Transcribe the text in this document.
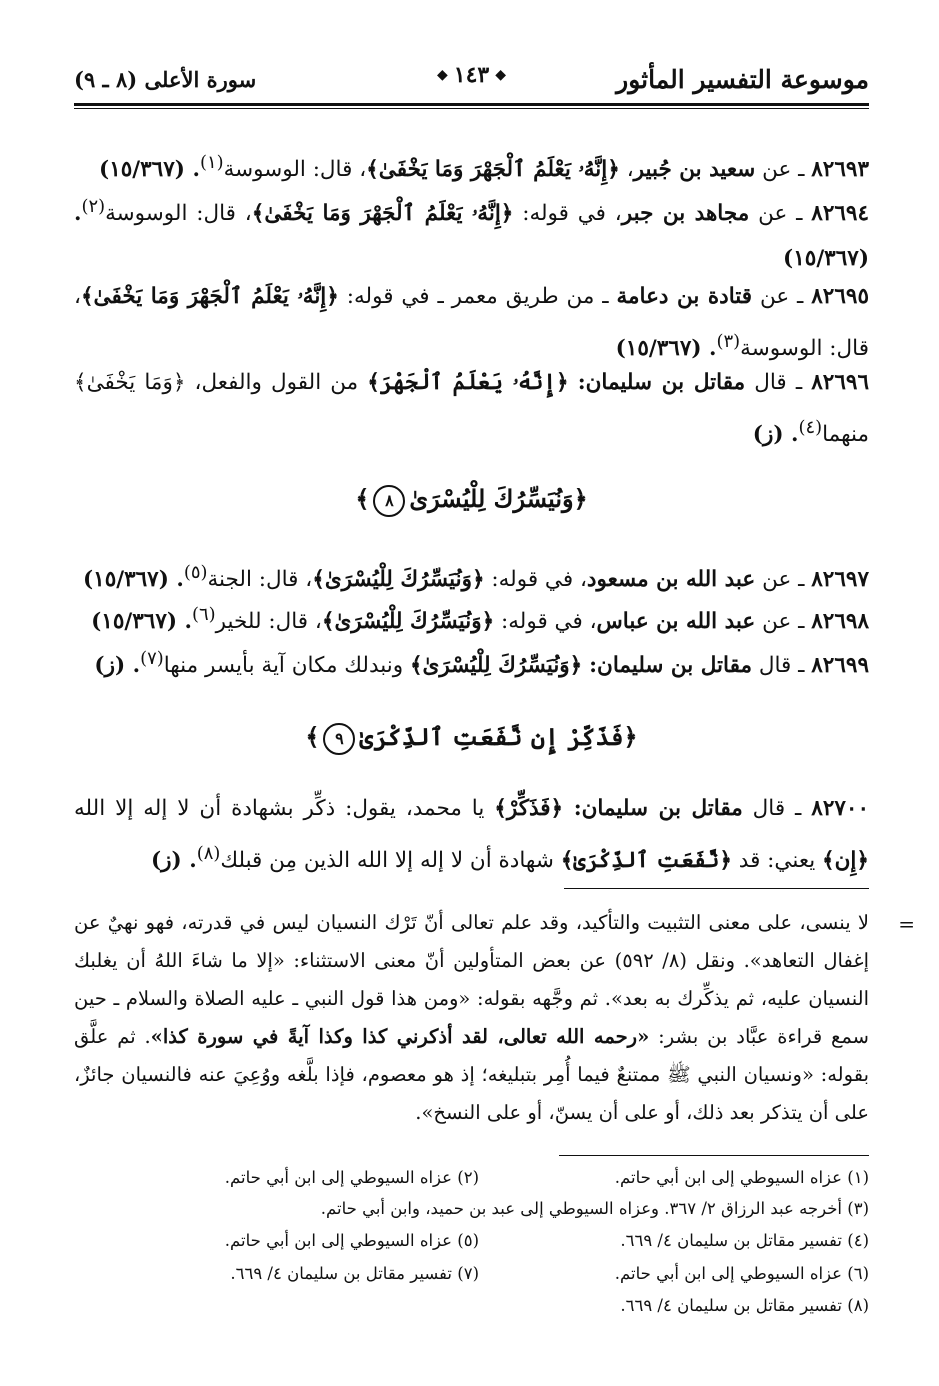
موسوعة التفسير المأثور
◆
١٤٣
◆
سورة الأعلى (٨ ـ ٩)
٨٢٦٩٣ ـ عن سعيد بن جُبير، ﴿إِنَّهُۥ يَعْلَمُ ٱلْجَهْرَ وَمَا يَخْفَىٰ﴾، قال: الوسوسة$^{(١)}$. (١٥/٣٦٧)
٨٢٦٩٤ ـ عن مجاهد بن جبر، في قوله: ﴿إِنَّهُۥ يَعْلَمُ ٱلْجَهْرَ وَمَا يَخْفَىٰ﴾، قال: الوسوسة$^{(٢)}$. (١٥/٣٦٧)
٨٢٦٩٥ ـ عن قتادة بن دعامة ـ من طريق معمر ـ في قوله: ﴿إِنَّهُۥ يَعْلَمُ ٱلْجَهْرَ وَمَا يَخْفَىٰ﴾، قال: الوسوسة$^{(٣)}$. (١٥/٣٦٧)
٨٢٦٩٦ ـ قال مقاتل بن سليمان: ﴿إِنَّهُۥ يَعْلَمُ ٱلْجَهْرَ﴾ من القول والفعل، ﴿وَمَا يَخْفَىٰ﴾ منهما$^{(٤)}$. (ز)
﴿وَنُيَسِّرُكَ لِلْيُسْرَىٰ٨﴾
٨٢٦٩٧ ـ عن عبد الله بن مسعود، في قوله: ﴿وَنُيَسِّرُكَ لِلْيُسْرَىٰ﴾، قال: الجنة$^{(٥)}$. (١٥/٣٦٧)
٨٢٦٩٨ ـ عن عبد الله بن عباس، في قوله: ﴿وَنُيَسِّرُكَ لِلْيُسْرَىٰ﴾، قال: للخير$^{(٦)}$. (١٥/٣٦٧)
٨٢٦٩٩ ـ قال مقاتل بن سليمان: ﴿وَنُيَسِّرُكَ لِلْيُسْرَىٰ﴾ ونبدلك مكان آية بأيسر منها$^{(٧)}$. (ز)
﴿فَذَكِّرْ إِن نَّفَعَتِ ٱلذِّكْرَىٰ٩﴾
٨٢٧٠٠ ـ قال مقاتل بن سليمان: ﴿فَذَكِّرْ﴾ يا محمد، يقول: ذكِّر بشهادة أن لا إله إلا الله ﴿إِن﴾ يعني: قد ﴿نَّفَعَتِ ٱلذِّكْرَىٰ﴾ شهادة أن لا إله إلا الله الذين مِن قبلك$^{(٨)}$. (ز)
=
لا ينسى، على معنى التثبيت والتأكيد، وقد علم تعالى أنّ تَرْك النسيان ليس في قدرته، فهو نهيٌ عن إغفال التعاهد». ونقل (٨/ ٥٩٢) عن بعض المتأولين أنّ معنى الاستثناء: «إلا ما شاءَ اللهُ أن يغلبك النسيان عليه، ثم يذكِّرك به بعد». ثم وجَّهه بقوله: «ومن هذا قول النبي ـ عليه الصلاة والسلام ـ حين سمع قراءة عبَّاد بن بشر: «رحمه الله تعالى، لقد أذكرني كذا وكذا آيةً في سورة كذا». ثم علَّق بقوله: «ونسيان النبي ﷺ ممتنعٌ فيما أُمِر بتبليغه؛ إذ هو معصوم، فإذا بلَّغه ووُعِيَ عنه فالنسيان جائزٌ، على أن يتذكر بعد ذلك، أو على أن يسنّ، أو على النسخ».
(١) عزاه السيوطي إلى ابن أبي حاتم.
(٢) عزاه السيوطي إلى ابن أبي حاتم.
(٣) أخرجه عبد الرزاق ٢/ ٣٦٧. وعزاه السيوطي إلى عبد بن حميد، وابن أبي حاتم.
(٤) تفسير مقاتل بن سليمان ٤/ ٦٦٩.
(٥) عزاه السيوطي إلى ابن أبي حاتم.
(٦) عزاه السيوطي إلى ابن أبي حاتم.
(٧) تفسير مقاتل بن سليمان ٤/ ٦٦٩.
(٨) تفسير مقاتل بن سليمان ٤/ ٦٦٩.
